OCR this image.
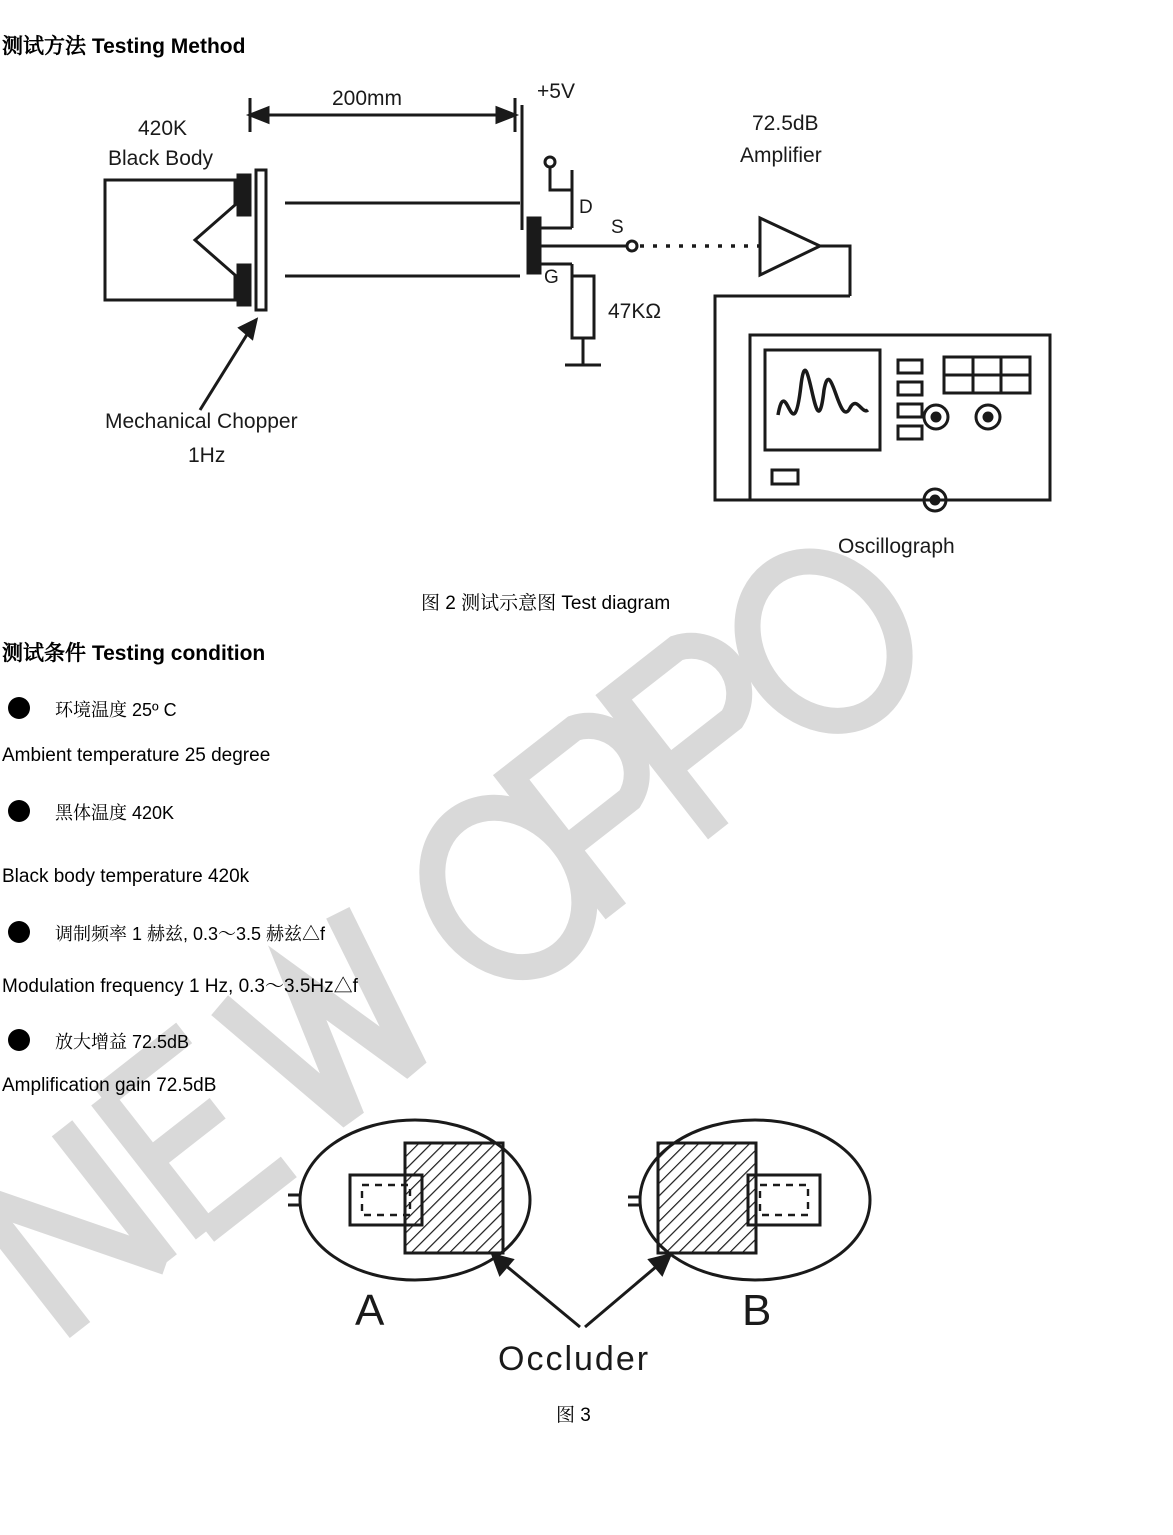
测试方法 Testing Method
420K
Black Body
200mm	+5V
D
G
S
47KΩ
72.5dB
Amplifier
Mechanical Chopper
1Hz
Oscillograph
图 2 测试示意图 Test diagram
测试条件 Testing condition
环境温度 25º C
Ambient temperature 25 degree
黑体温度 420K
Black body temperature 420k
调制频率 1 赫兹, 0.3～3.5 赫兹△f
Modulation frequency 1 Hz, 0.3～3.5Hz△f
放大增益 72.5dB
Amplification gain 72.5dB
A	B
Occluder
图 3
